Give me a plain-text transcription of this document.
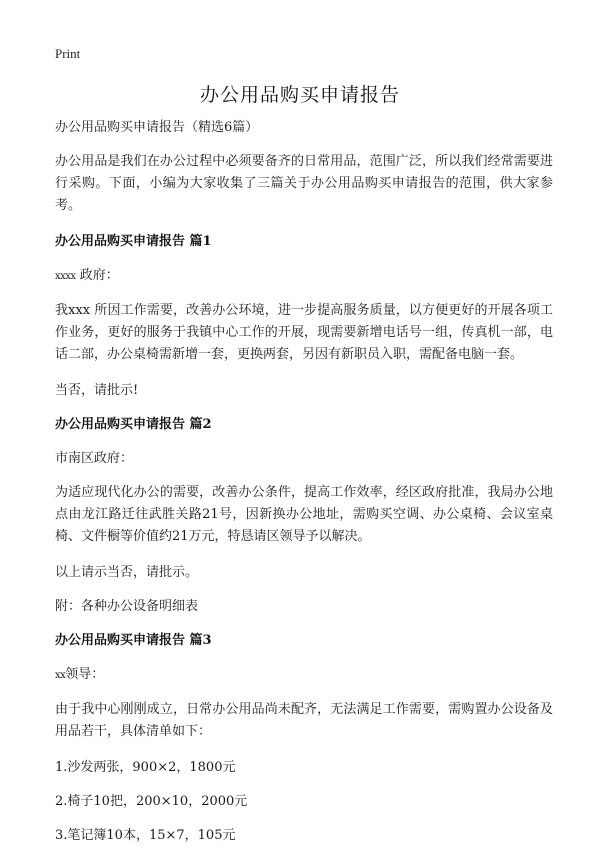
Print
办公用品购买申请报告

办公用品购买申请报告（精选6篇）

办公用品是我们在办公过程中必须要备齐的日常用品，范围广泛，所以我们经常需要进行采购。下面，小编为大家收集了三篇关于办公用品购买申请报告的范围，供大家参考。

办公用品购买申请报告 篇1

xxxx 政府：

我xxx 所因工作需要，改善办公环境，进一步提高服务质量，以方便更好的开展各项工作业务，更好的服务于我镇中心工作的开展，现需要新增电话号一组，传真机一部，电话二部，办公桌椅需新增一套，更换两套，另因有新职员入职，需配备电脑一套。

当否，请批示!

办公用品购买申请报告 篇2

市南区政府：

为适应现代化办公的需要，改善办公条件，提高工作效率，经区政府批准，我局办公地点由龙江路迁往武胜关路21号，因新换办公地址，需购买空调、办公桌椅、会议室桌椅、文件橱等价值约21万元，特恳请区领导予以解决。

以上请示当否，请批示。

附：各种办公设备明细表

办公用品购买申请报告 篇3

xx领导：

由于我中心刚刚成立，日常办公用品尚未配齐，无法满足工作需要，需购置办公设备及用品若干，具体清单如下：

1.沙发两张，900×2，1800元

2.椅子10把，200×10，2000元

3.笔记簿10本，15×7，105元
